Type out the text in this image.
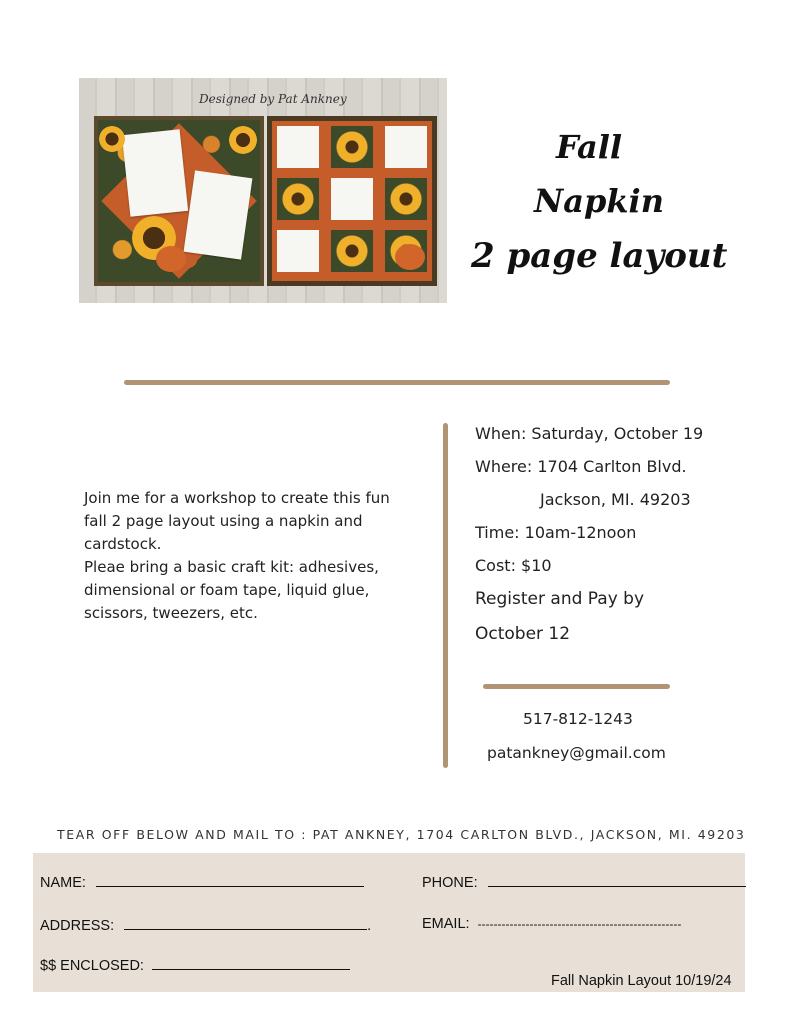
Designed by Pat Ankney
Fall
Napkin
2 page layout

Join me for a workshop to create this fun fall 2 page layout using a napkin and cardstock.

Pleae bring a basic craft kit: adhesives, dimensional or foam tape, liquid glue, scissors, tweezers, etc.

When: Saturday, October 19
Where: 1704 Carlton Blvd.
Jackson, MI. 49203
Time: 10am-12noon
Cost: $10
Register and Pay by
October 12
517-812-1243
patankney@gmail.com
TEAR OFF BELOW AND MAIL TO : PAT ANKNEY, 1704 CARLTON BLVD., JACKSON, MI. 49203
NAME:	PHONE:
ADDRESS:	.	EMAIL: ---------------------------------------------------
$$ ENCLOSED:
Fall Napkin Layout 10/19/24
